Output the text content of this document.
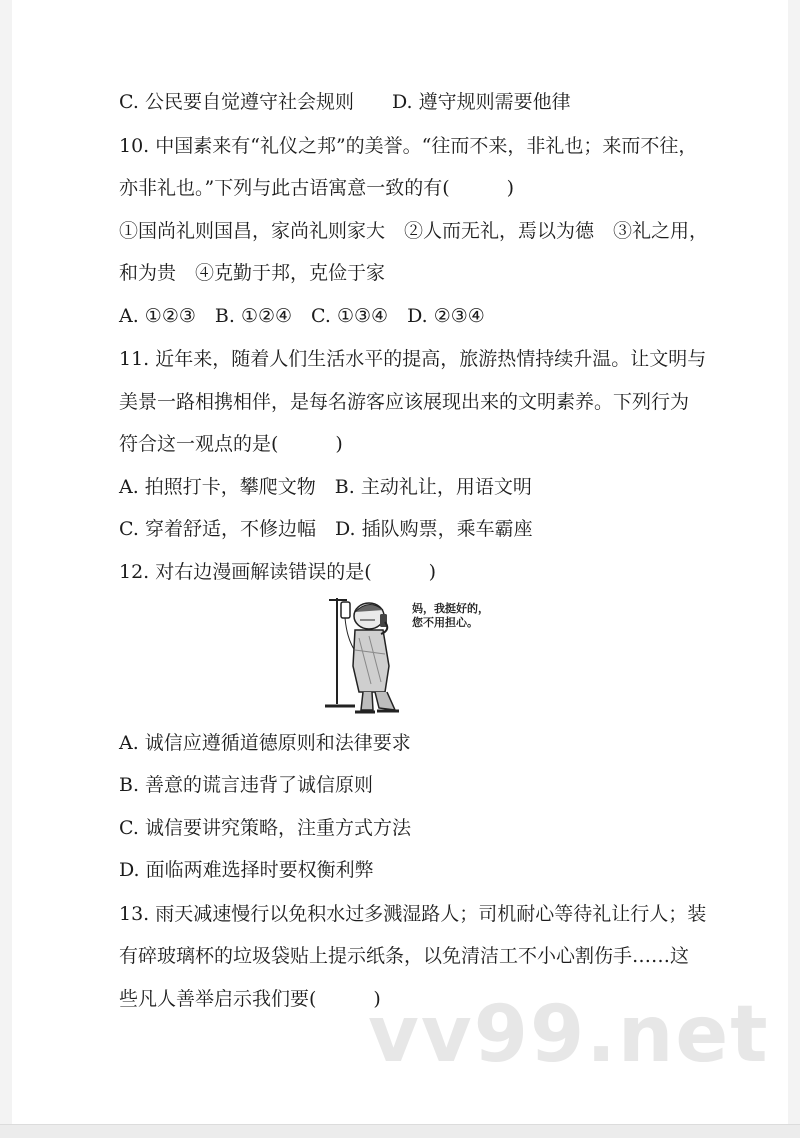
C. 公民要自觉遵守社会规则　　D. 遵守规则需要他律
10. 中国素来有“礼仪之邦”的美誉。“往而不来，非礼也；来而不往，
亦非礼也。”下列与此古语寓意一致的有(　　　)
①国尚礼则国昌，家尚礼则家大　②人而无礼，焉以为德　③礼之用，
和为贵　④克勤于邦，克俭于家
A. ①②③　B. ①②④　C. ①③④　D. ②③④
11. 近年来，随着人们生活水平的提高，旅游热情持续升温。让文明与
美景一路相携相伴，是每名游客应该展现出来的文明素养。下列行为
符合这一观点的是(　　　)
A. 拍照打卡，攀爬文物　B. 主动礼让，用语文明
C. 穿着舒适，不修边幅　D. 插队购票，乘车霸座
12. 对右边漫画解读错误的是(　　　)
妈，我挺好的，
您不用担心。
A. 诚信应遵循道德原则和法律要求
B. 善意的谎言违背了诚信原则
C. 诚信要讲究策略，注重方式方法
D. 面临两难选择时要权衡利弊
13. 雨天减速慢行以免积水过多溅湿路人；司机耐心等待礼让行人；装
有碎玻璃杯的垃圾袋贴上提示纸条，以免清洁工不小心割伤手……这
些凡人善举启示我们要(　　　)
vv99.net
